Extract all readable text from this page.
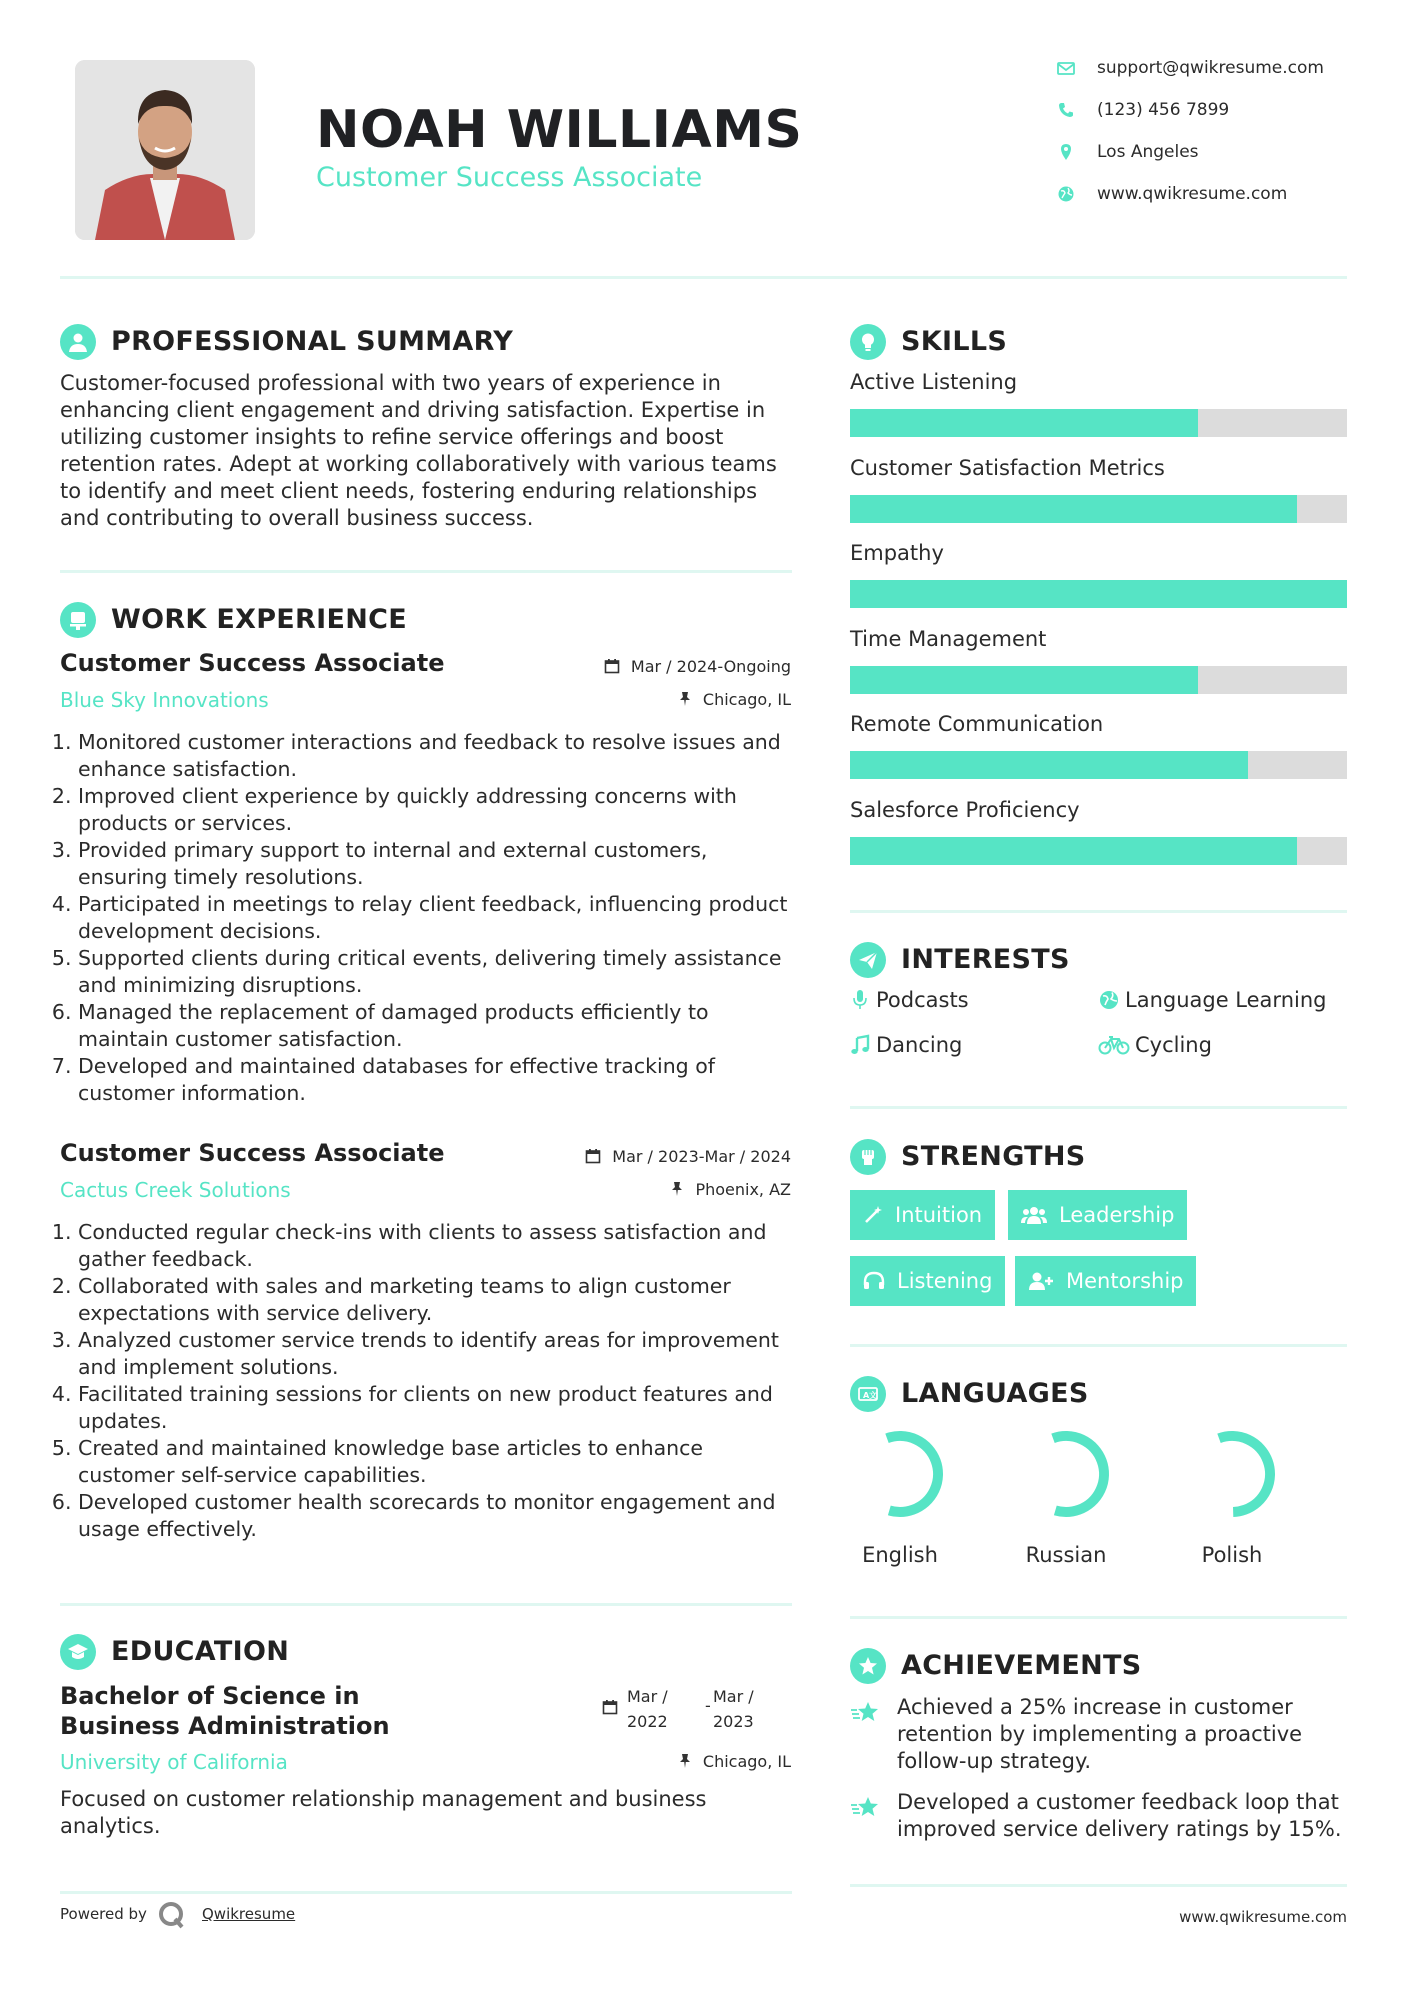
NOAH WILLIAMS
Customer Success Associate
support@qwikresume.com
(123) 456 7899
Los Angeles
www.qwikresume.com
PROFESSIONAL SUMMARY
Customer-focused professional with two years of experience in enhancing client engagement and driving satisfaction. Expertise in utilizing customer insights to refine service offerings and boost retention rates. Adept at working collaboratively with various teams to identify and meet client needs, fostering enduring relationships and contributing to overall business success.
WORK EXPERIENCE
Customer Success Associate	Mar / 2024-Ongoing
Blue Sky Innovations	Chicago, IL
1. Monitored customer interactions and feedback to resolve issues and enhance satisfaction.
2. Improved client experience by quickly addressing concerns with products or services.
3. Provided primary support to internal and external customers, ensuring timely resolutions.
4. Participated in meetings to relay client feedback, influencing product development decisions.
5. Supported clients during critical events, delivering timely assistance and minimizing disruptions.
6. Managed the replacement of damaged products efficiently to maintain customer satisfaction.
7. Developed and maintained databases for effective tracking of customer information.
Customer Success Associate	Mar / 2023-Mar / 2024
Cactus Creek Solutions	Phoenix, AZ
1. Conducted regular check-ins with clients to assess satisfaction and gather feedback.
2. Collaborated with sales and marketing teams to align customer expectations with service delivery.
3. Analyzed customer service trends to identify areas for improvement and implement solutions.
4. Facilitated training sessions for clients on new product features and updates.
5. Created and maintained knowledge base articles to enhance customer self-service capabilities.
6. Developed customer health scorecards to monitor engagement and usage effectively.
EDUCATION
Bachelor of Science in Business Administration
Mar /
2022
- Mar /
2023
University of California	Chicago, IL
Focused on customer relationship management and business analytics.
SKILLS
Active Listening
Customer Satisfaction Metrics
Empathy
Time Management
Remote Communication
Salesforce Proficiency
INTERESTS
Podcasts	Language Learning
Dancing	Cycling
STRENGTHS
Intuition	Leadership
Listening	Mentorship
A 文 LANGUAGES
English	Russian	Polish
ACHIEVEMENTS
Achieved a 25% increase in customer retention by implementing a proactive follow-up strategy.
Developed a customer feedback loop that improved service delivery ratings by 15%.
Powered by	Qwikresume	www.qwikresume.com
